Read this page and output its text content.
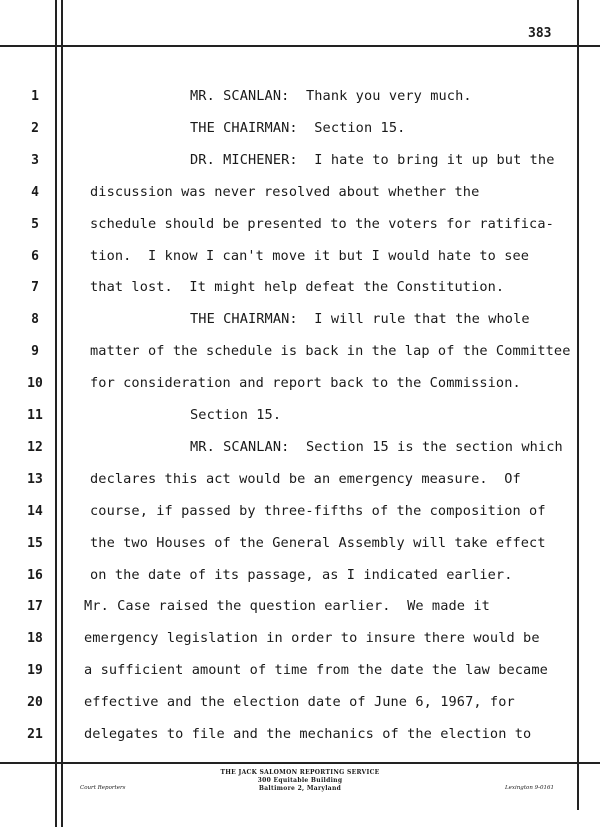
383
1	MR. SCANLAN:  Thank you very much.
2	THE CHAIRMAN:  Section 15.
3	DR. MICHENER:  I hate to bring it up but the
4	discussion was never resolved about whether the
5	schedule should be presented to the voters for ratifica-
6	tion.  I know I can't move it but I would hate to see
7	that lost.  It might help defeat the Constitution.
8	THE CHAIRMAN:  I will rule that the whole
9	matter of the schedule is back in the lap of the Committee
10	for consideration and report back to the Commission.
11	Section 15.
12	MR. SCANLAN:  Section 15 is the section which
13	declares this act would be an emergency measure.  Of
14	course, if passed by three-fifths of the composition of
15	the two Houses of the General Assembly will take effect
16	on the date of its passage, as I indicated earlier.
17	Mr. Case raised the question earlier.  We made it
18	emergency legislation in order to insure there would be
19	a sufficient amount of time from the date the law became
20	effective and the election date of June 6, 1967, for
21	delegates to file and the mechanics of the election to
THE JACK SALOMON REPORTING SERVICE
300 Equitable Building
Baltimore 2, Maryland
Court Reporters	Lexington 9-0161
